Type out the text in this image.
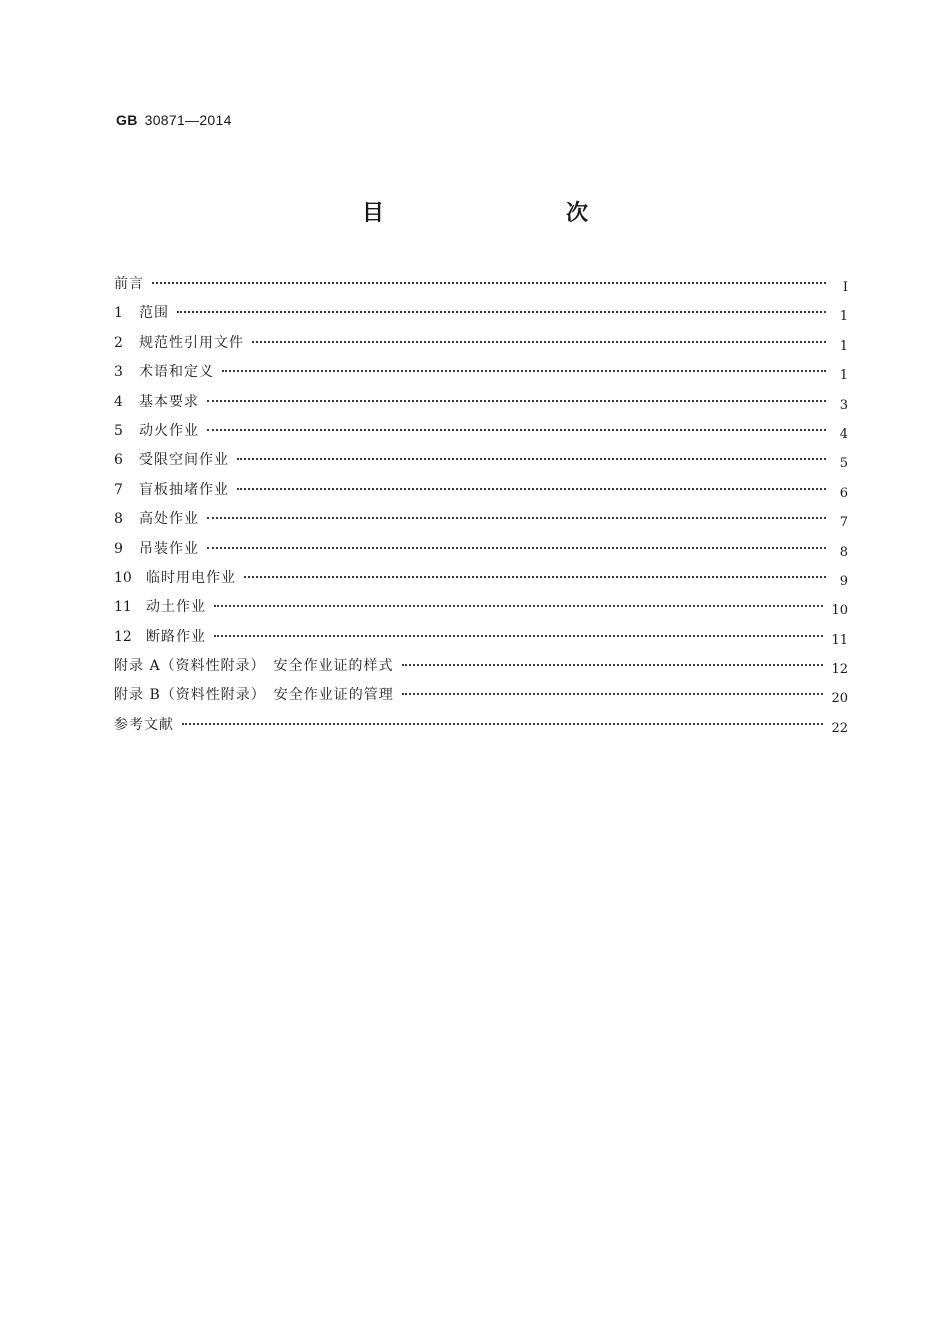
GB 30871—2014
目　　次
前言	Ⅰ
1	范围	1
2	规范性引用文件	1
3	术语和定义	1
4	基本要求	3
5	动火作业	4
6	受限空间作业	5
7	盲板抽堵作业	6
8	高处作业	7
9	吊装作业	8
10	临时用电作业	9
11	动土作业	10
12	断路作业	11
附录 A（资料性附录）　安全作业证的样式	12
附录 B（资料性附录）　安全作业证的管理	20
参考文献	22
